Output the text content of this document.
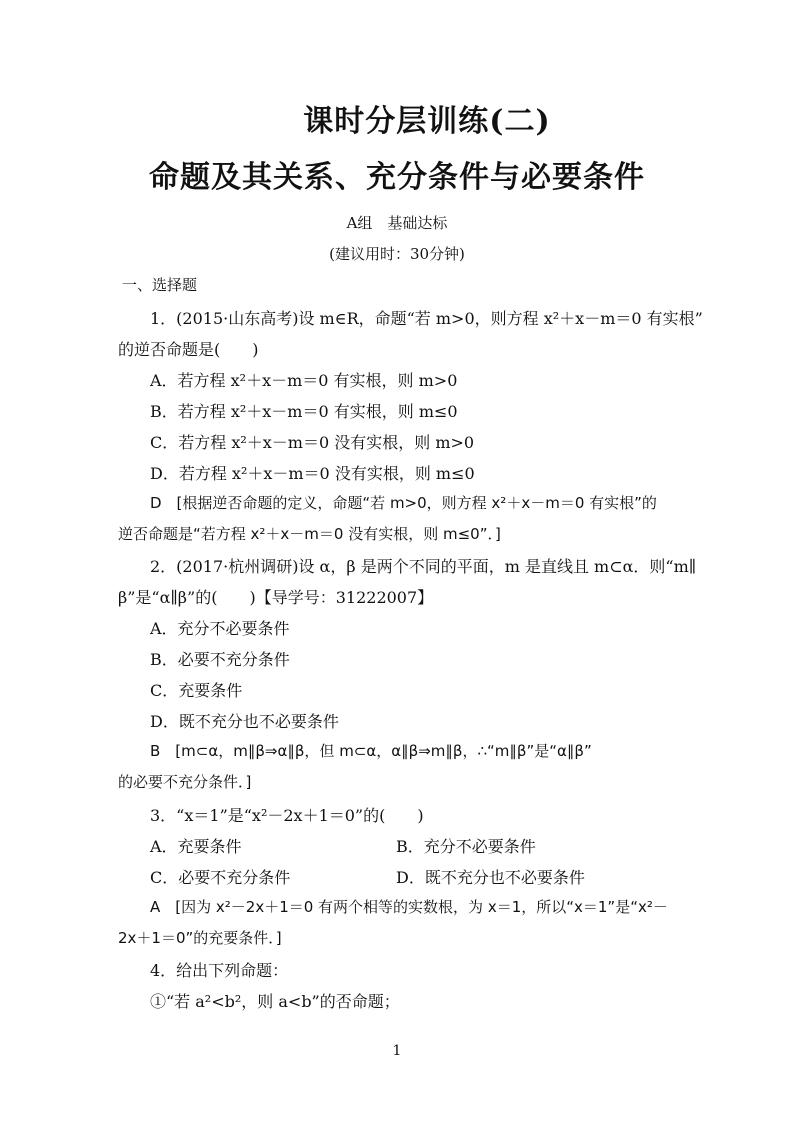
课时分层训练(二)
命题及其关系、充分条件与必要条件
A组　基础达标
(建议用时：30分钟)
一、选择题
1．(2015·山东高考)设 m∈R，命题“若 m>0，则方程 x²＋x－m＝0 有实根”
的逆否命题是(　　)
A．若方程 x²＋x－m＝0 有实根，则 m>0
B．若方程 x²＋x－m＝0 有实根，则 m≤0
C．若方程 x²＋x－m＝0 没有实根，则 m>0
D．若方程 x²＋x－m＝0 没有实根，则 m≤0
D　[根据逆否命题的定义，命题“若 m>0，则方程 x²＋x－m＝0 有实根”的
逆否命题是“若方程 x²＋x－m＝0 没有实根，则 m≤0”．]
2．(2017·杭州调研)设 α，β 是两个不同的平面，m 是直线且 m⊂α．则“m∥
β”是“α∥β”的(　　)【导学号：31222007】
A．充分不必要条件
B．必要不充分条件
C．充要条件
D．既不充分也不必要条件
B　[m⊂α，m∥β⇒α∥β，但 m⊂α，α∥β⇒m∥β，∴“m∥β”是“α∥β”
的必要不充分条件．]
3．“x＝1”是“x²－2x＋1＝0”的(　　)
A．充要条件	B．充分不必要条件
C．必要不充分条件	D．既不充分也不必要条件
A　[因为 x²－2x＋1＝0 有两个相等的实数根，为 x＝1，所以“x＝1”是“x²－
2x＋1＝0”的充要条件．]
4．给出下列命题：
①“若 a²<b²，则 a<b”的否命题；
1
